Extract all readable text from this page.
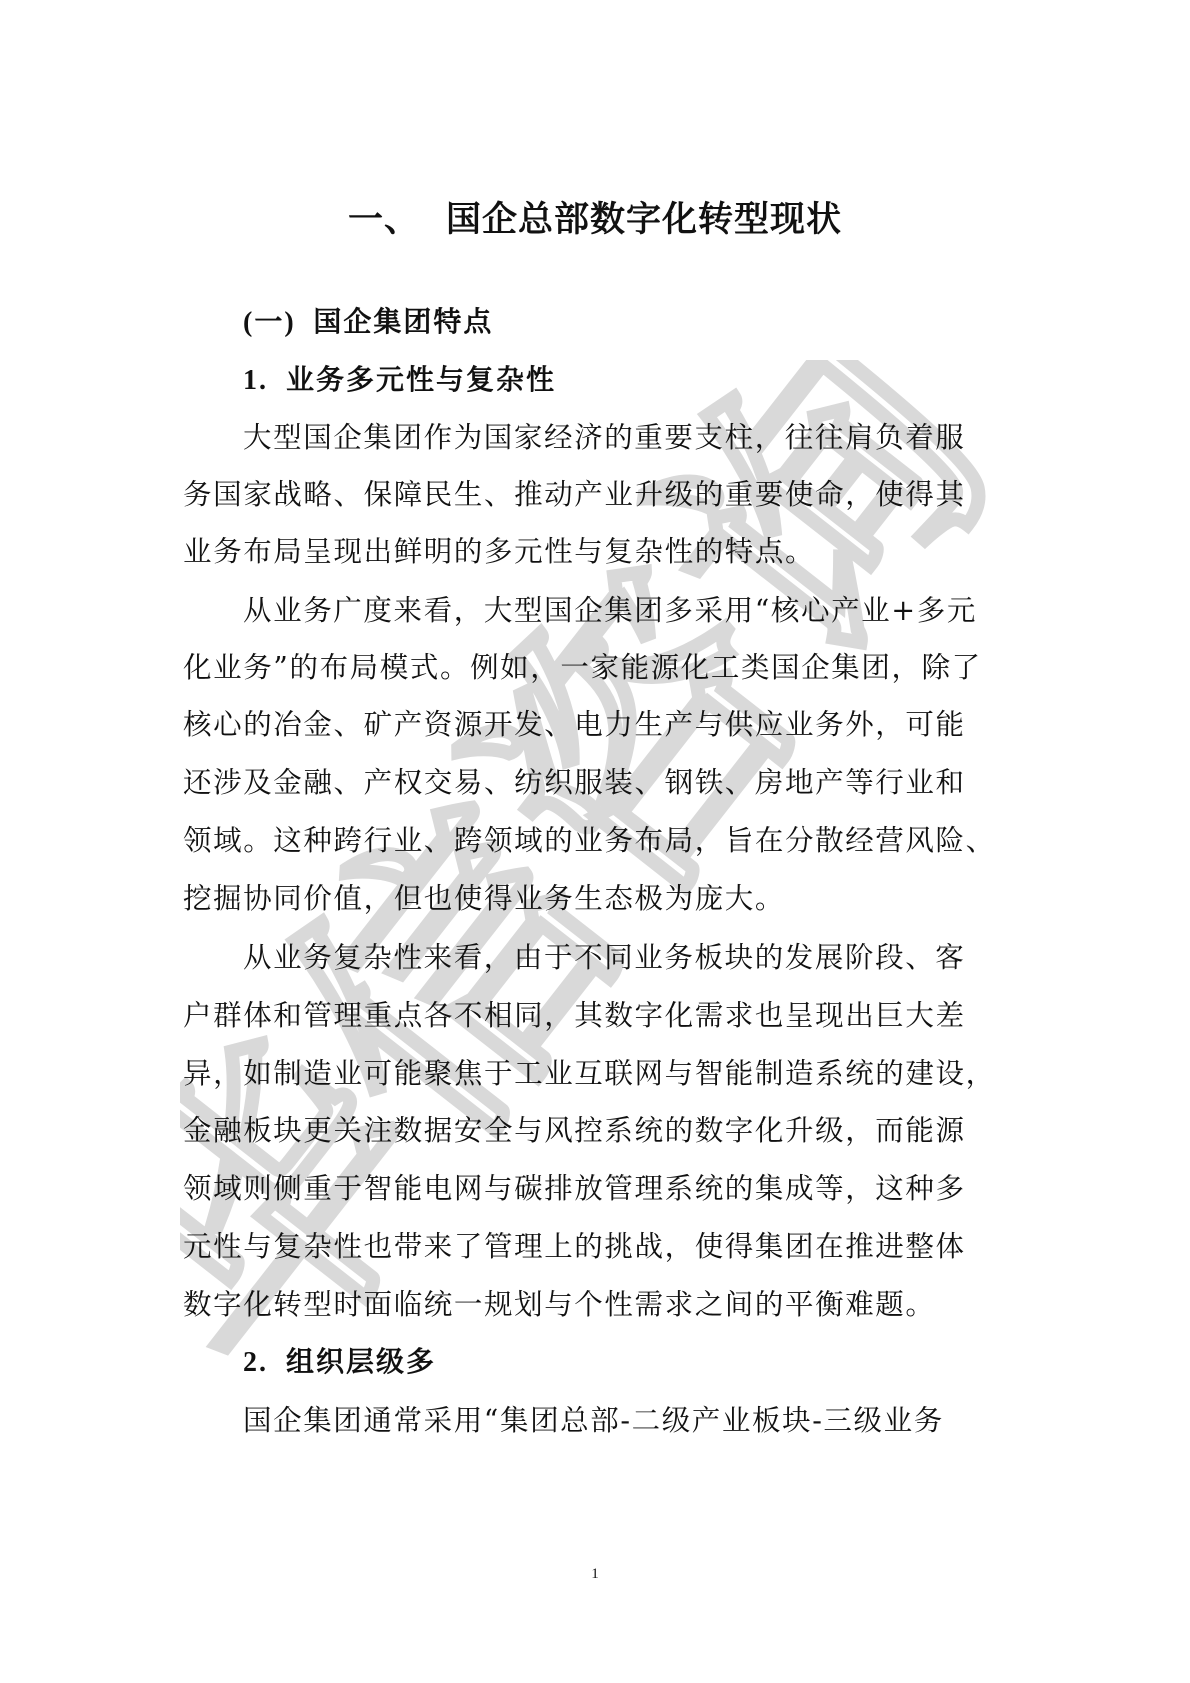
华信咨询
一、 国企总部数字化转型现状
(一) 国企集团特点
1. 业务多元性与复杂性
大型国企集团作为国家经济的重要支柱，往往肩负着服
务国家战略、保障民生、推动产业升级的重要使命，使得其
业务布局呈现出鲜明的多元性与复杂性的特点。
从业务广度来看，大型国企集团多采用“核心产业+多元
化业务”的布局模式。例如，一家能源化工类国企集团，除了
核心的冶金、矿产资源开发、电力生产与供应业务外，可能
还涉及金融、产权交易、纺织服装、钢铁、房地产等行业和
领域。这种跨行业、跨领域的业务布局，旨在分散经营风险、
挖掘协同价值，但也使得业务生态极为庞大。
从业务复杂性来看，由于不同业务板块的发展阶段、客
户群体和管理重点各不相同，其数字化需求也呈现出巨大差
异，如制造业可能聚焦于工业互联网与智能制造系统的建设，
金融板块更关注数据安全与风控系统的数字化升级，而能源
领域则侧重于智能电网与碳排放管理系统的集成等，这种多
元性与复杂性也带来了管理上的挑战，使得集团在推进整体
数字化转型时面临统一规划与个性需求之间的平衡难题。
2. 组织层级多
国企集团通常采用“集团总部-二级产业板块-三级业务
1
